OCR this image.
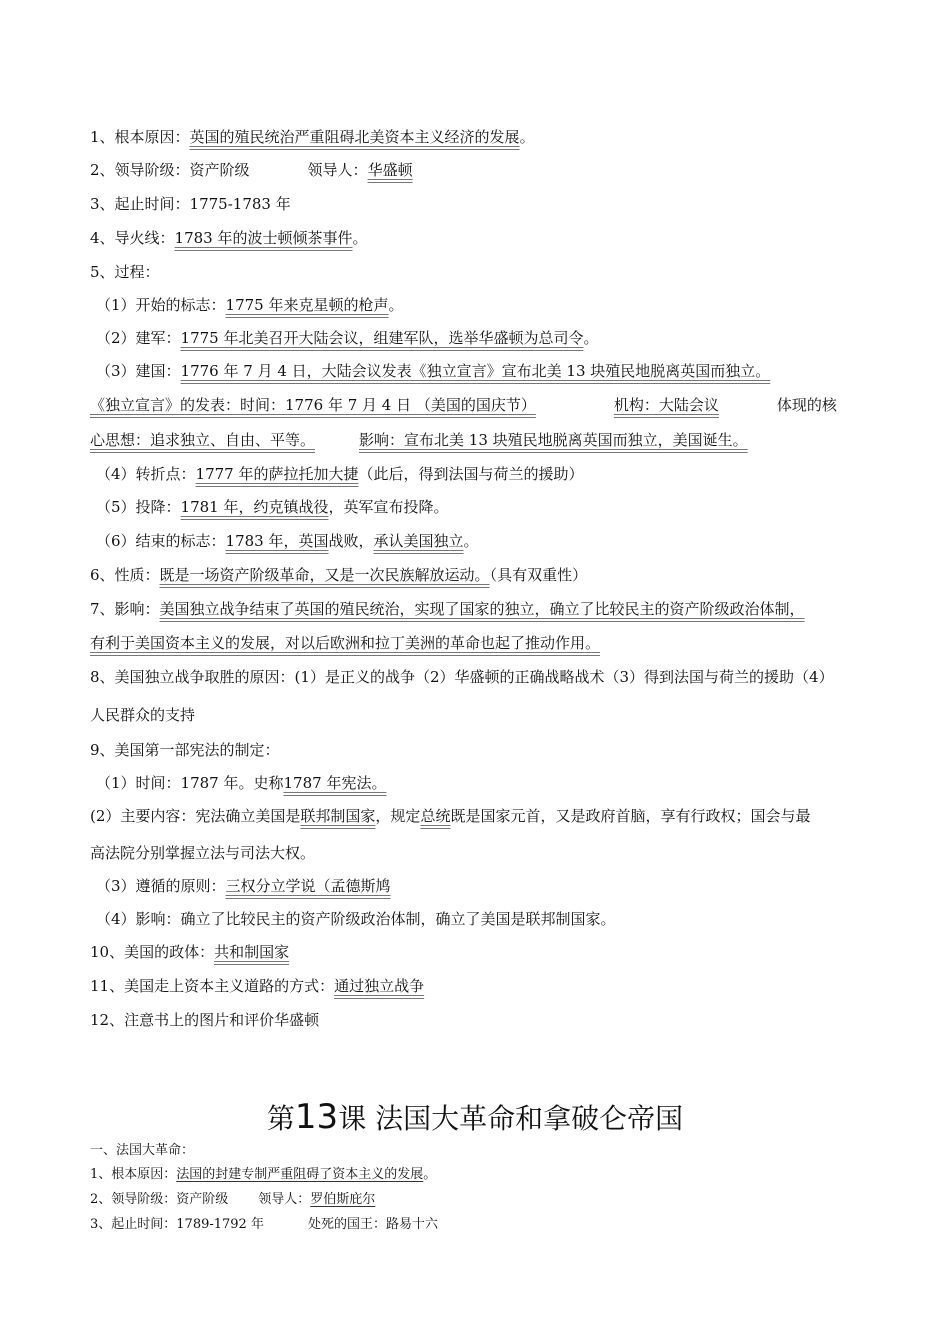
1、根本原因：英国的殖民统治严重阻碍北美资本主义经济的发展。
2、领导阶级：资产阶级	领导人：华盛顿
3、起止时间：1775-1783 年
4、导火线：1783 年的波士顿倾茶事件。
5、过程：
（1）开始的标志：1775 年来克星顿的枪声。
（2）建军：1775 年北美召开大陆会议，组建军队，选举华盛顿为总司令。
（3）建国：1776 年 7 月 4 日，大陆会议发表《独立宣言》宣布北美 13 块殖民地脱离英国而独立。
《独立宣言》的发表：时间：1776 年 7 月 4 日 （美国的国庆节）	机构：大陆会议	体现的核
心思想：追求独立、自由、平等。	影响：宣布北美 13 块殖民地脱离英国而独立，美国诞生。
（4）转折点：1777 年的萨拉托加大捷（此后，得到法国与荷兰的援助）
（5）投降：1781 年，约克镇战役，英军宣布投降。
（6）结束的标志：1783 年，英国战败，承认美国独立。
6、性质：既是一场资产阶级革命，又是一次民族解放运动。（具有双重性）
7、影响：美国独立战争结束了英国的殖民统治，实现了国家的独立，确立了比较民主的资产阶级政治体制，
有利于美国资本主义的发展，对以后欧洲和拉丁美洲的革命也起了推动作用。
8、美国独立战争取胜的原因：(1）是正义的战争（2）华盛顿的正确战略战术（3）得到法国与荷兰的援助（4）
人民群众的支持
9、美国第一部宪法的制定：
（1）时间：1787 年。史称1787 年宪法。
(2）主要内容：宪法确立美国是联邦制国家，规定总统既是国家元首，又是政府首脑，享有行政权；国会与最
高法院分别掌握立法与司法大权。
（3）遵循的原则：三权分立学说（孟德斯鸠
（4）影响：确立了比较民主的资产阶级政治体制，确立了美国是联邦制国家。
10、美国的政体：共和制国家
11、美国走上资本主义道路的方式：通过独立战争
12、注意书上的图片和评价华盛顿
第13课 法国大革命和拿破仑帝国
一、法国大革命：
1、根本原因：法国的封建专制严重阻碍了资本主义的发展。
2、领导阶级：资产阶级 领导人：罗伯斯庇尔
3、起止时间：1789-1792 年	处死的国王：路易十六
